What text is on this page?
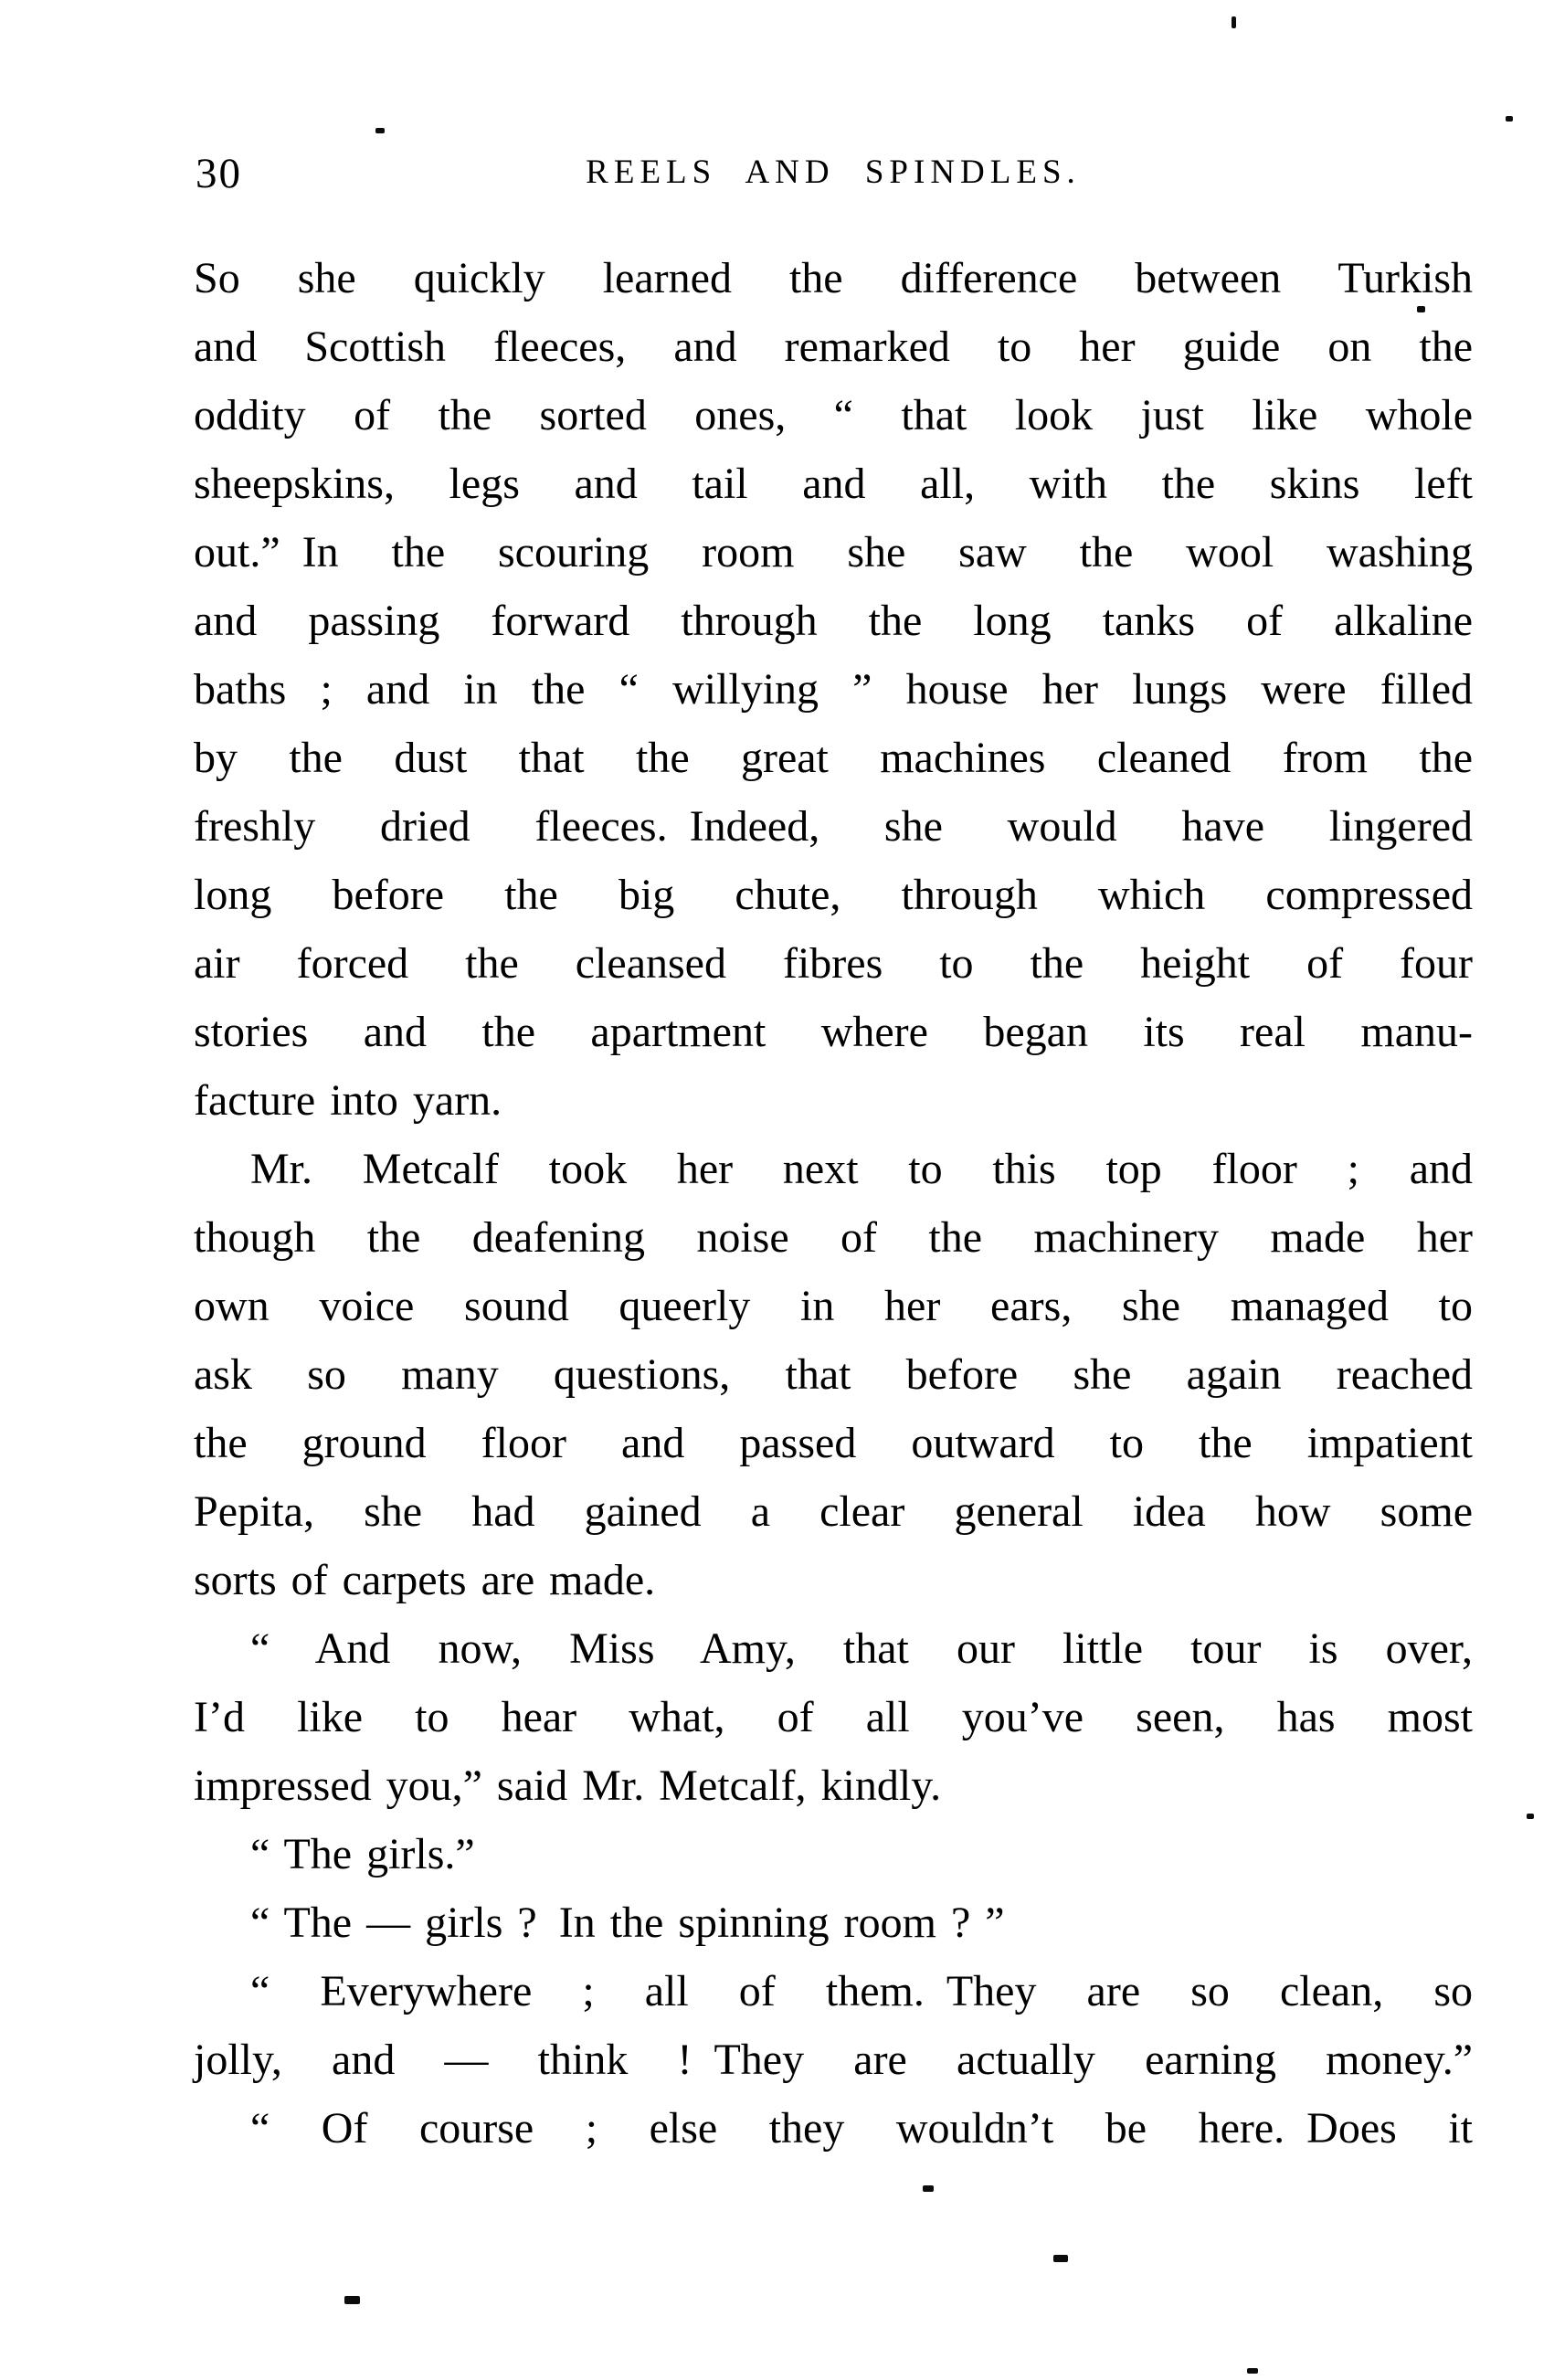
30	REELS AND SPINDLES.
So she quickly learned the difference between Turkish
and Scottish fleeces, and remarked to her guide on the
oddity of the sorted ones, “ that look just like whole
sheepskins, legs and tail and all, with the skins left
out.” In the scouring room she saw the wool washing
and passing forward through the long tanks of alkaline
baths ; and in the “ willying ” house her lungs were filled
by the dust that the great machines cleaned from the
freshly dried fleeces. Indeed, she would have lingered
long before the big chute, through which compressed
air forced the cleansed fibres to the height of four
stories and the apartment where began its real manu-
facture into yarn.
Mr. Metcalf took her next to this top floor ; and
though the deafening noise of the machinery made her
own voice sound queerly in her ears, she managed to
ask so many questions, that before she again reached
the ground floor and passed outward to the impatient
Pepita, she had gained a clear general idea how some
sorts of carpets are made.
“ And now, Miss Amy, that our little tour is over,
I’d like to hear what, of all you’ve seen, has most
impressed you,” said Mr. Metcalf, kindly.
“ The girls.”
“ The — girls ? In the spinning room ? ”
“ Everywhere ; all of them. They are so clean, so
jolly, and — think ! They are actually earning money.”
“ Of course ; else they wouldn’t be here. Does it
